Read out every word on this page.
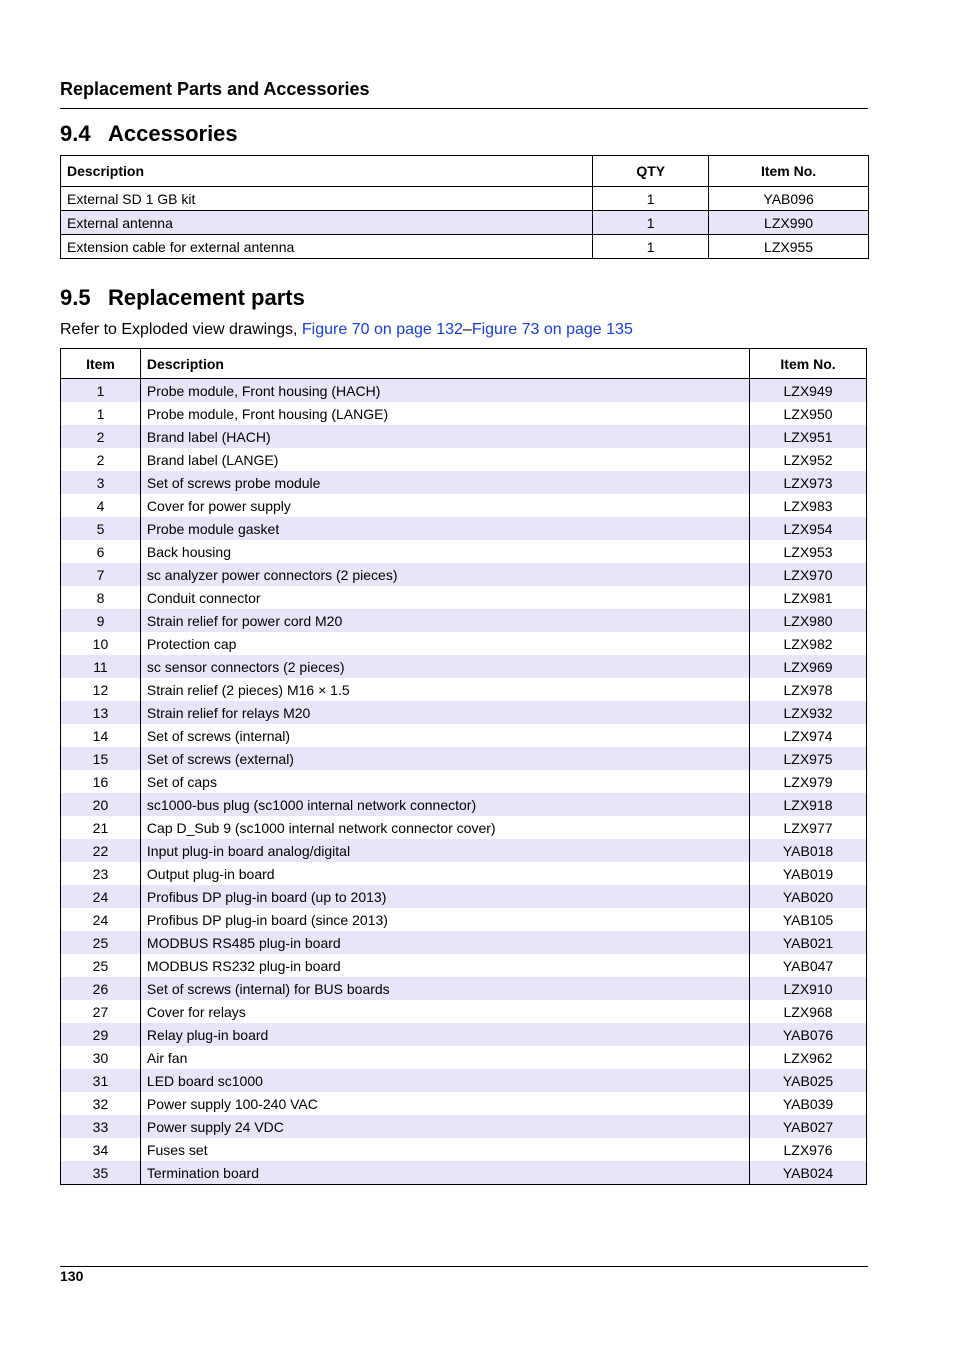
Replacement Parts and Accessories
9.4 Accessories
Description	QTY	Item No.
External SD 1 GB kit	1	YAB096
External antenna	1	LZX990
Extension cable for external antenna	1	LZX955
9.5 Replacement parts
Refer to Exploded view drawings, Figure 70 on page 132–Figure 73 on page 135
Item	Description	Item No.
1	Probe module, Front housing (HACH)	LZX949
1	Probe module, Front housing (LANGE)	LZX950
2	Brand label (HACH)	LZX951
2	Brand label (LANGE)	LZX952
3	Set of screws probe module	LZX973
4	Cover for power supply	LZX983
5	Probe module gasket	LZX954
6	Back housing	LZX953
7	sc analyzer power connectors (2 pieces)	LZX970
8	Conduit connector	LZX981
9	Strain relief for power cord M20	LZX980
10	Protection cap	LZX982
11	sc sensor connectors (2 pieces)	LZX969
12	Strain relief (2 pieces) M16 × 1.5	LZX978
13	Strain relief for relays M20	LZX932
14	Set of screws (internal)	LZX974
15	Set of screws (external)	LZX975
16	Set of caps	LZX979
20	sc1000-bus plug (sc1000 internal network connector)	LZX918
21	Cap D_Sub 9 (sc1000 internal network connector cover)	LZX977
22	Input plug-in board analog/digital	YAB018
23	Output plug-in board	YAB019
24	Profibus DP plug-in board (up to 2013)	YAB020
24	Profibus DP plug-in board (since 2013)	YAB105
25	MODBUS RS485 plug-in board	YAB021
25	MODBUS RS232 plug-in board	YAB047
26	Set of screws (internal) for BUS boards	LZX910
27	Cover for relays	LZX968
29	Relay plug-in board	YAB076
30	Air fan	LZX962
31	LED board sc1000	YAB025
32	Power supply 100-240 VAC	YAB039
33	Power supply 24 VDC	YAB027
34	Fuses set	LZX976
35	Termination board	YAB024
130
